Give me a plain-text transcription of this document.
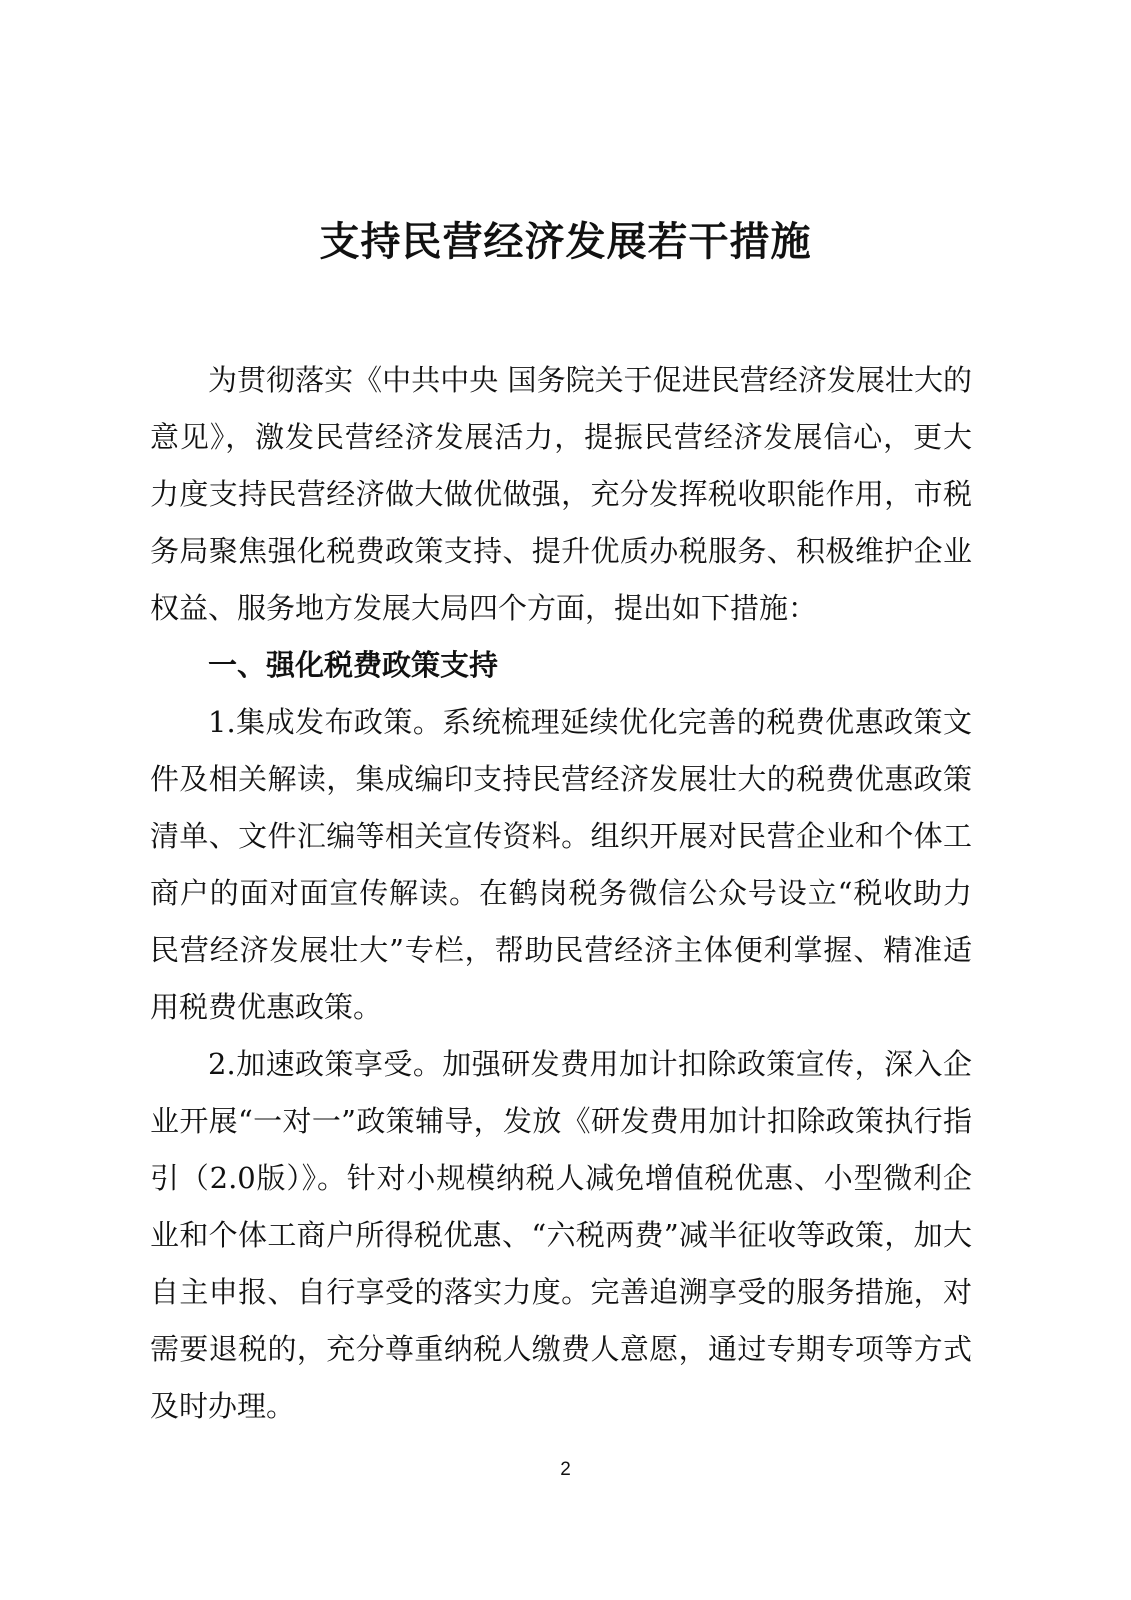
支持民营经济发展若干措施

为贯彻落实《中共中央 国务院关于促进民营经济发展壮大的意见》，激发民营经济发展活力，提振民营经济发展信心，更大力度支持民营经济做大做优做强，充分发挥税收职能作用，市税务局聚焦强化税费政策支持、提升优质办税服务、积极维护企业权益、服务地方发展大局四个方面，提出如下措施：

一、强化税费政策支持

1.集成发布政策。系统梳理延续优化完善的税费优惠政策文件及相关解读，集成编印支持民营经济发展壮大的税费优惠政策清单、文件汇编等相关宣传资料。组织开展对民营企业和个体工商户的面对面宣传解读。在鹤岗税务微信公众号设立“税收助力民营经济发展壮大”专栏，帮助民营经济主体便利掌握、精准适用税费优惠政策。

2.加速政策享受。加强研发费用加计扣除政策宣传，深入企业开展“一对一”政策辅导，发放《研发费用加计扣除政策执行指引（2.0版）》。针对小规模纳税人减免增值税优惠、小型微利企业和个体工商户所得税优惠、“六税两费”减半征收等政策，加大自主申报、自行享受的落实力度。完善追溯享受的服务措施，对需要退税的，充分尊重纳税人缴费人意愿，通过专期专项等方式及时办理。

2
